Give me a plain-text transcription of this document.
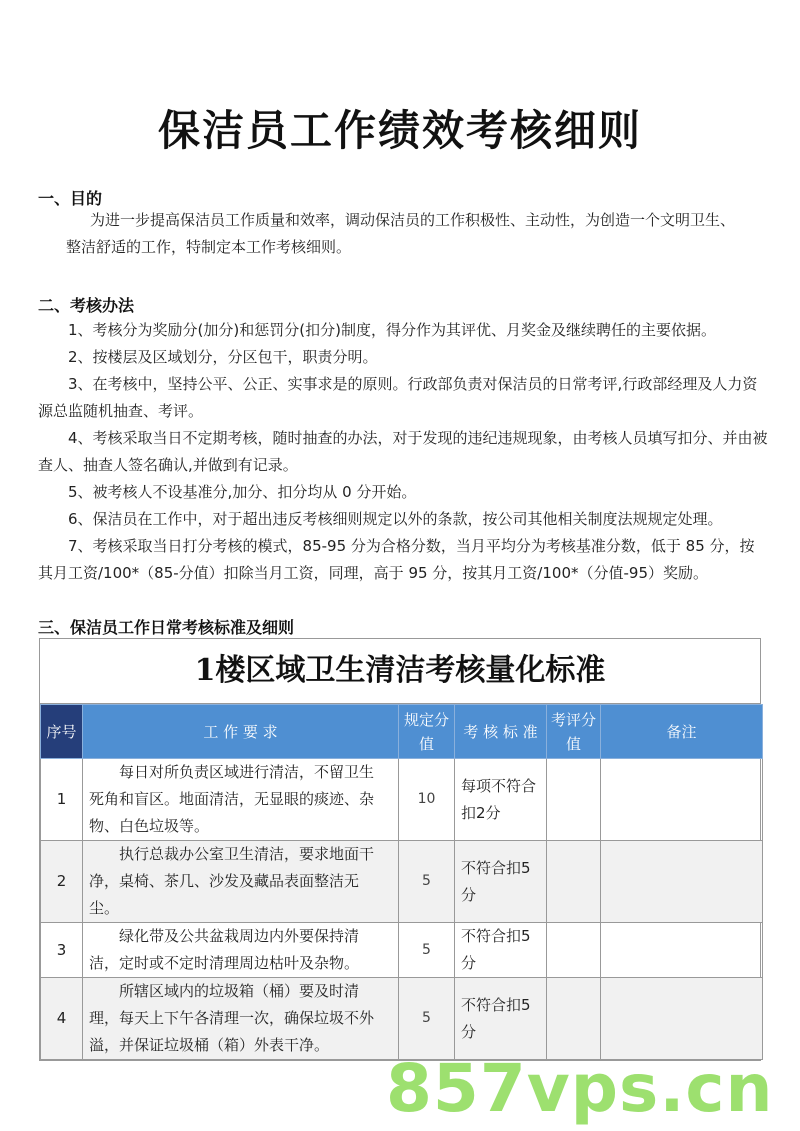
保洁员工作绩效考核细则
一、目的
为进一步提高保洁员工作质量和效率，调动保洁员的工作积极性、主动性，为创造一个文明卫生、
整洁舒适的工作，特制定本工作考核细则。
二、考核办法
1、考核分为奖励分(加分)和惩罚分(扣分)制度，得分作为其评优、月奖金及继续聘任的主要依据。
2、按楼层及区域划分，分区包干，职责分明。
3、在考核中，坚持公平、公正、实事求是的原则。行政部负责对保洁员的日常考评,行政部经理及人力资源总监随机抽查、考评。
4、考核采取当日不定期考核，随时抽查的办法，对于发现的违纪违规现象，由考核人员填写扣分、并由被查人、抽查人签名确认,并做到有记录。
5、被考核人不设基准分,加分、扣分均从 0 分开始。
6、保洁员在工作中，对于超出违反考核细则规定以外的条款，按公司其他相关制度法规规定处理。
7、考核采取当日打分考核的模式，85-95 分为合格分数，当月平均分为考核基准分数，低于 85 分，按其月工资/100*（85-分值）扣除当月工资，同理，高于 95 分，按其月工资/100*（分值-95）奖励。
三、保洁员工作日常考核标准及细则
1楼区域卫生清洁考核量化标准
序号	工 作 要 求	规定分值	考 核 标 准	考评分值	备注
1	每日对所负责区域进行清洁，不留卫生死角和盲区。地面清洁，无显眼的痰迹、杂物、白色垃圾等。	10	每项不符合扣2分		
2	执行总裁办公室卫生清洁，要求地面干净，桌椅、茶几、沙发及藏品表面整洁无尘。	5	不符合扣5分		
3	绿化带及公共盆栽周边内外要保持清洁，定时或不定时清理周边枯叶及杂物。	5	不符合扣5分		
4	所辖区域内的垃圾箱（桶）要及时清理，每天上下午各清理一次，确保垃圾不外溢，并保证垃圾桶（箱）外表干净。	5	不符合扣5分		
857vps.cn
